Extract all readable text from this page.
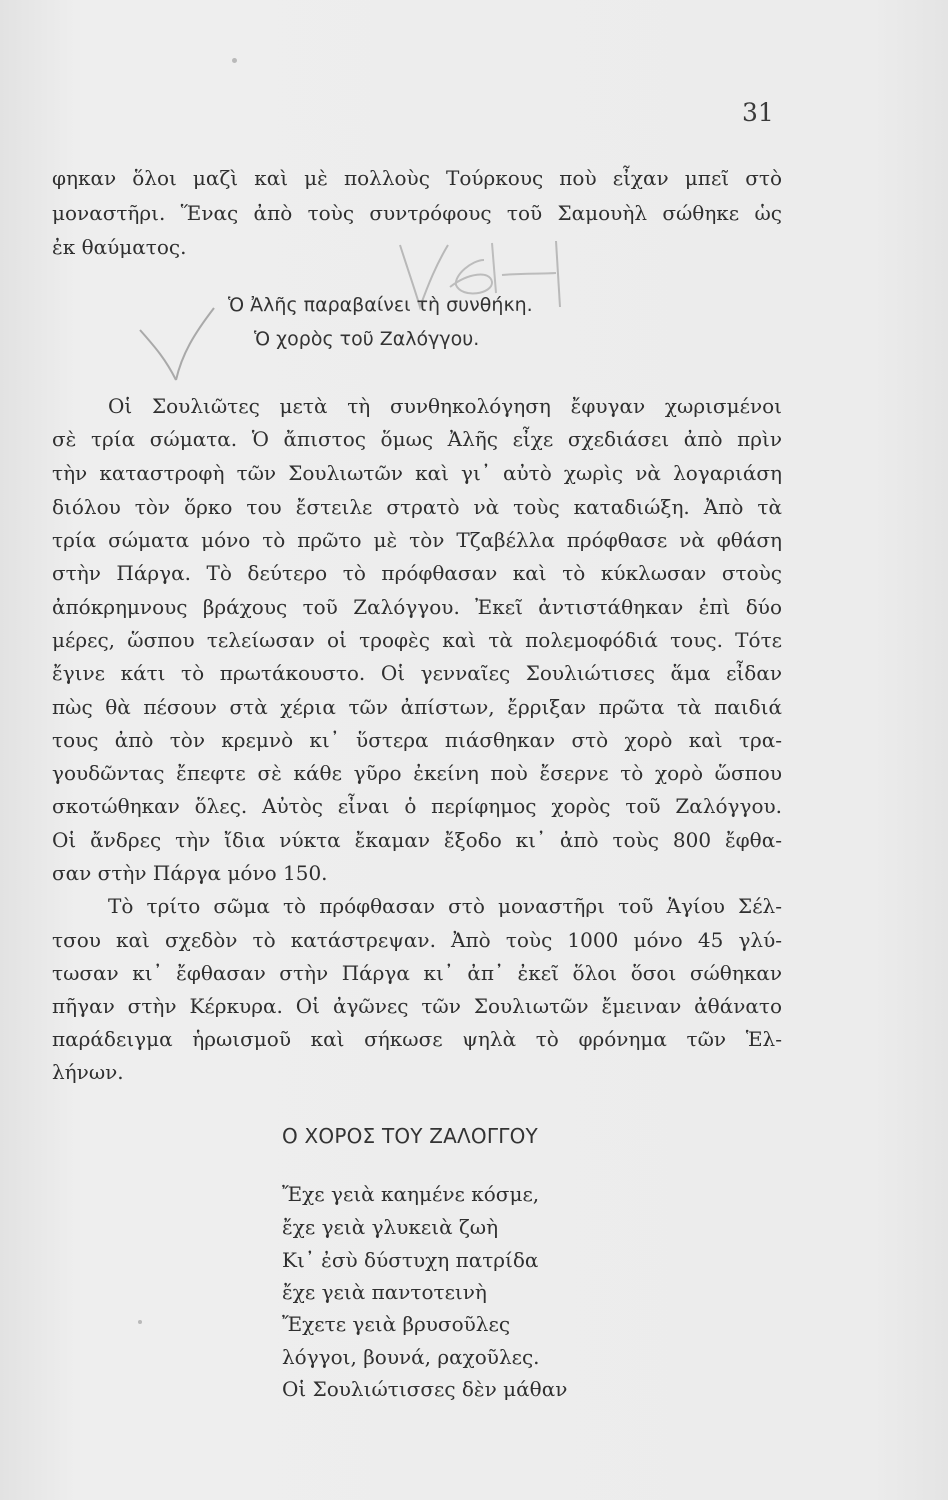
31
φηκαν ὅλοι μαζὶ καὶ μὲ πολλοὺς Τούρκους ποὺ εἶχαν μπεῖ στὸ
μοναστῆρι. Ἕνας ἀπὸ τοὺς συντρόφους τοῦ Σαμουὴλ σώθηκε ὡς
ἐκ θαύματος.
Ὁ Ἀλῆς παραβαίνει τὴ συνθήκη.
Ὁ χορὸς τοῦ Ζαλόγγου.
Οἱ Σουλιῶτες μετὰ τὴ συνθηκολόγηση ἔφυγαν χωρισμένοι
σὲ τρία σώματα. Ὁ ἄπιστος ὅμως Ἀλῆς εἶχε σχεδιάσει ἀπὸ πρὶν
τὴν καταστροφὴ τῶν Σουλιωτῶν καὶ γι᾽ αὐτὸ χωρὶς νὰ λογαριάση
διόλου τὸν ὅρκο του ἔστειλε στρατὸ νὰ τοὺς καταδιώξη. Ἀπὸ τὰ
τρία σώματα μόνο τὸ πρῶτο μὲ τὸν Τζαβέλλα πρόφθασε νὰ φθάση
στὴν Πάργα. Τὸ δεύτερο τὸ πρόφθασαν καὶ τὸ κύκλωσαν στοὺς
ἀπόκρημνους βράχους τοῦ Ζαλόγγου. Ἐκεῖ ἀντιστάθηκαν ἐπὶ δύο
μέρες, ὥσπου τελείωσαν οἱ τροφὲς καὶ τὰ πολεμοφόδιά τους. Τότε
ἔγινε κάτι τὸ πρωτάκουστο. Οἱ γενναῖες Σουλιώτισες ἅμα εἶδαν
πὼς θὰ πέσουν στὰ χέρια τῶν ἀπίστων, ἔρριξαν πρῶτα τὰ παιδιά
τους ἀπὸ τὸν κρεμνὸ κι᾽ ὕστερα πιάσθηκαν στὸ χορὸ καὶ τρα-
γουδῶντας ἔπεφτε σὲ κάθε γῦρο ἐκείνη ποὺ ἔσερνε τὸ χορὸ ὥσπου
σκοτώθηκαν ὅλες. Αὐτὸς εἶναι ὁ περίφημος χορὸς τοῦ Ζαλόγγου.
Οἱ ἄνδρες τὴν ἴδια νύκτα ἔκαμαν ἔξοδο κι᾽ ἀπὸ τοὺς 800 ἔφθα-
σαν στὴν Πάργα μόνο 150.
Τὸ τρίτο σῶμα τὸ πρόφθασαν στὸ μοναστῆρι τοῦ Ἁγίου Σέλ-
τσου καὶ σχεδὸν τὸ κατάστρεψαν. Ἀπὸ τοὺς 1000 μόνο 45 γλύ-
τωσαν κι᾽ ἔφθασαν στὴν Πάργα κι᾽ ἀπ᾽ ἐκεῖ ὅλοι ὅσοι σώθηκαν
πῆγαν στὴν Κέρκυρα. Οἱ ἀγῶνες τῶν Σουλιωτῶν ἔμειναν ἀθάνατο
παράδειγμα ἡρωισμοῦ καὶ σήκωσε ψηλὰ τὸ φρόνημα τῶν Ἑλ-
λήνων.
Ο ΧΟΡΟΣ ΤΟΥ ΖΑΛΟΓΓΟΥ
Ἔχε γειὰ καημένε κόσμε,
ἔχε γειὰ γλυκειὰ ζωὴ
Κι᾽ ἐσὺ δύστυχη πατρίδα
ἔχε γειὰ παντοτεινὴ
Ἔχετε γειὰ βρυσοῦλες
λόγγοι, βουνά, ραχοῦλες.
Οἱ Σουλιώτισσες δὲν μάθαν
